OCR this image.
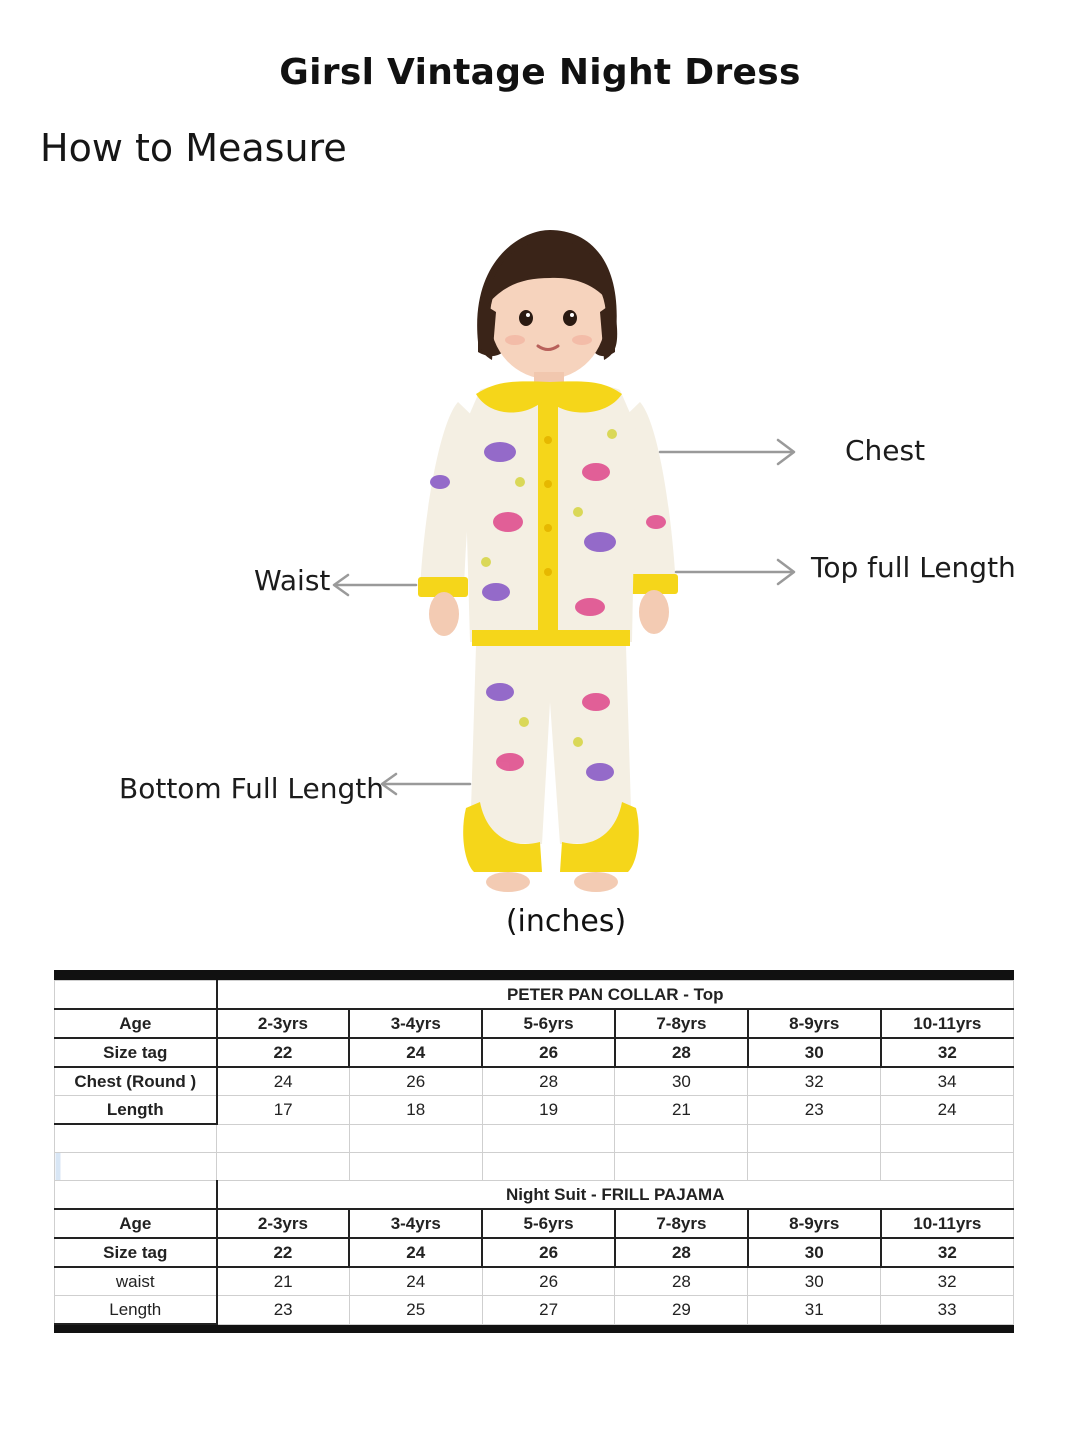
Girsl Vintage Night Dress
How to Measure
Chest
Top full Length
Waist
Bottom Full Length
(inches)
	PETER PAN COLLAR - Top					
Age	2-3yrs	3-4yrs	5-6yrs	7-8yrs	8-9yrs	10-11yrs
Size tag	22	24	26	28	30	32
Chest (Round )	24	26	28	30	32	34
Length	17	18	19	21	23	24

	Night Suit - FRILL PAJAMA					
Age	2-3yrs	3-4yrs	5-6yrs	7-8yrs	8-9yrs	10-11yrs
Size tag	22	24	26	28	30	32
waist	21	24	26	28	30	32
Length	23	25	27	29	31	33
